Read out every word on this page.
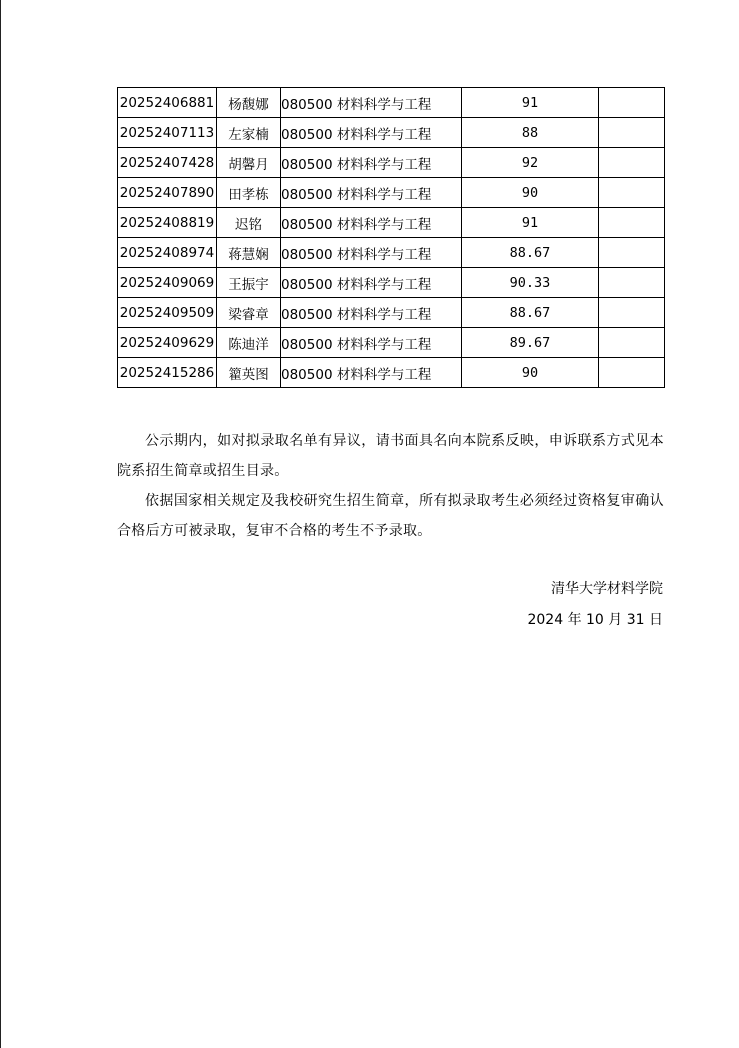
20252406881	杨馥娜	080500 材料科学与工程	91	
20252407113	左家楠	080500 材料科学与工程	88	
20252407428	胡馨月	080500 材料科学与工程	92	
20252407890	田孝栋	080500 材料科学与工程	90	
20252408819	迟铭	080500 材料科学与工程	91	
20252408974	蒋慧娴	080500 材料科学与工程	88.67	
20252409069	王振宇	080500 材料科学与工程	90.33	
20252409509	梁睿章	080500 材料科学与工程	88.67	
20252409629	陈迪洋	080500 材料科学与工程	89.67	
20252415286	籊英图	080500 材料科学与工程	90	

公示期内，如对拟录取名单有异议，请书面具名向本院系反映，申诉联系方式见本院系招生简章或招生目录。

依据国家相关规定及我校研究生招生简章，所有拟录取考生必须经过资格复审确认合格后方可被录取，复审不合格的考生不予录取。

清华大学材料学院
2024 年 10 月 31 日
